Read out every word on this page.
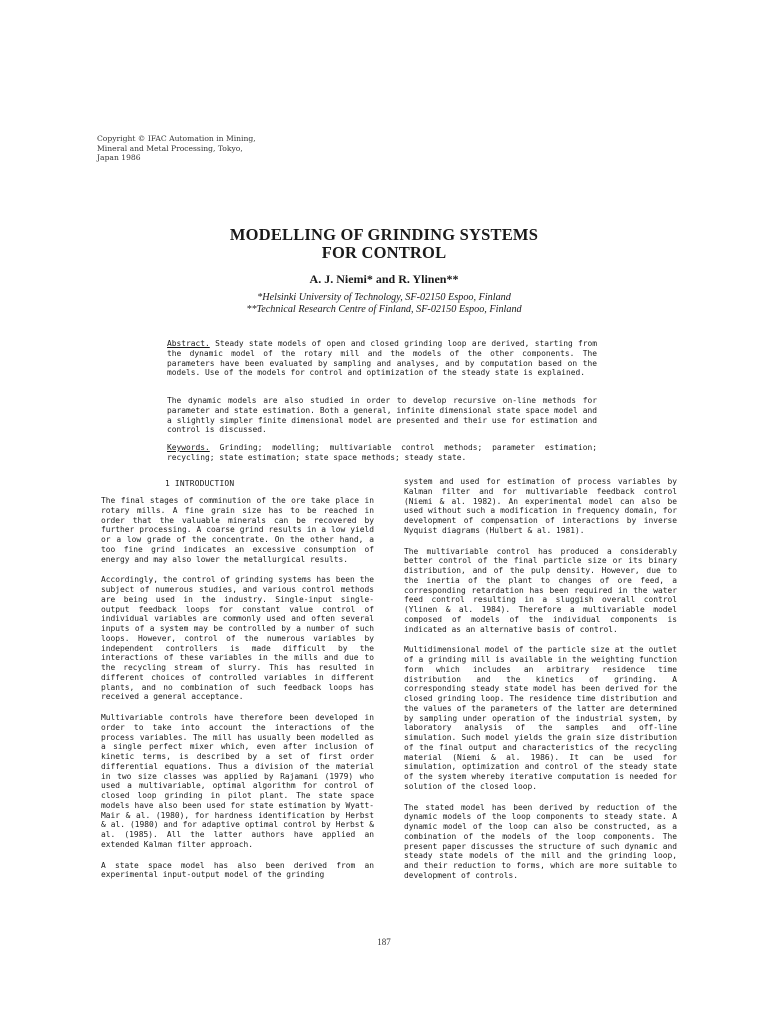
Copyright © IFAC Automation in Mining,
Mineral and Metal Processing, Tokyo,
Japan 1986
MODELLING OF GRINDING SYSTEMS
FOR CONTROL
A. J. Niemi* and R. Ylinen**
*Helsinki University of Technology, SF-02150 Espoo, Finland
**Technical Research Centre of Finland, SF-02150 Espoo, Finland

Abstract. Steady state models of open and closed grinding loop are derived, starting from the dynamic model of the rotary mill and the models of the other components. The parameters have been evaluated by sampling and analyses, and by computation based on the models. Use of the models for control and optimization of the steady state is explained.

The dynamic models are also studied in order to develop recursive on-line methods for parameter and state estimation. Both a general, infinite dimensional state space model and a slightly simpler finite dimensional model are presented and their use for estimation and control is discussed.

Keywords. Grinding; modelling; multivariable control methods; parameter estimation; recycling; state estimation; state space methods; steady state.

1 INTRODUCTION

The final stages of comminution of the ore take place in rotary mills. A fine grain size has to be reached in order that the valuable minerals can be recovered by further processing. A coarse grind results in a low yield or a low grade of the concentrate. On the other hand, a too fine grind indicates an excessive consumption of energy and may also lower the metallurgical results.

Accordingly, the control of grinding systems has been the subject of numerous studies, and various control methods are being used in the industry. Single-input single-output feedback loops for constant value control of individual variables are commonly used and often several inputs of a system may be controlled by a number of such loops. However, control of the numerous variables by independent controllers is made difficult by the interactions of these variables in the mills and due to the recycling stream of slurry. This has resulted in different choices of controlled variables in different plants, and no combination of such feedback loops has received a general acceptance.

Multivariable controls have therefore been developed in order to take into account the interactions of the process variables. The mill has usually been modelled as a single perfect mixer which, even after inclusion of kinetic terms, is described by a set of first order differential equations. Thus a division of the material in two size classes was applied by Rajamani (1979) who used a multivariable, optimal algorithm for control of closed loop grinding in pilot plant. The state space models have also been used for state estimation by Wyatt-Mair & al. (1980), for hardness identification by Herbst & al. (1980) and for adaptive optimal control by Herbst & al. (1985). All the latter authors have applied an extended Kalman filter approach.

A state space model has also been derived from an experimental input-output model of the grinding

system and used for estimation of process variables by Kalman filter and for multivariable feedback control (Niemi & al. 1982). An experimental model can also be used without such a modification in frequency domain, for development of compensation of interactions by inverse Nyquist diagrams (Hulbert & al. 1981).

The multivariable control has produced a considerably better control of the final particle size or its binary distribution, and of the pulp density. However, due to the inertia of the plant to changes of ore feed, a corresponding retardation has been required in the water feed control resulting in a sluggish overall control (Ylinen & al. 1984). Therefore a multivariable model composed of models of the individual components is indicated as an alternative basis of control.

Multidimensional model of the particle size at the outlet of a grinding mill is available in the weighting function form which includes an arbitrary residence time distribution and the kinetics of grinding. A corresponding steady state model has been derived for the closed grinding loop. The residence time distribution and the values of the parameters of the latter are determined by sampling under operation of the industrial system, by laboratory analysis of the samples and off-line simulation. Such model yields the grain size distribution of the final output and characteristics of the recycling material (Niemi & al. 1986). It can be used for simulation, optimization and control of the steady state of the system whereby iterative computation is needed for solution of the closed loop.

The stated model has been derived by reduction of the dynamic models of the loop components to steady state. A dynamic model of the loop can also be constructed, as a combination of the models of the loop components. The present paper discusses the structure of such dynamic and steady state models of the mill and the grinding loop, and their reduction to forms, which are more suitable to development of controls.

187
